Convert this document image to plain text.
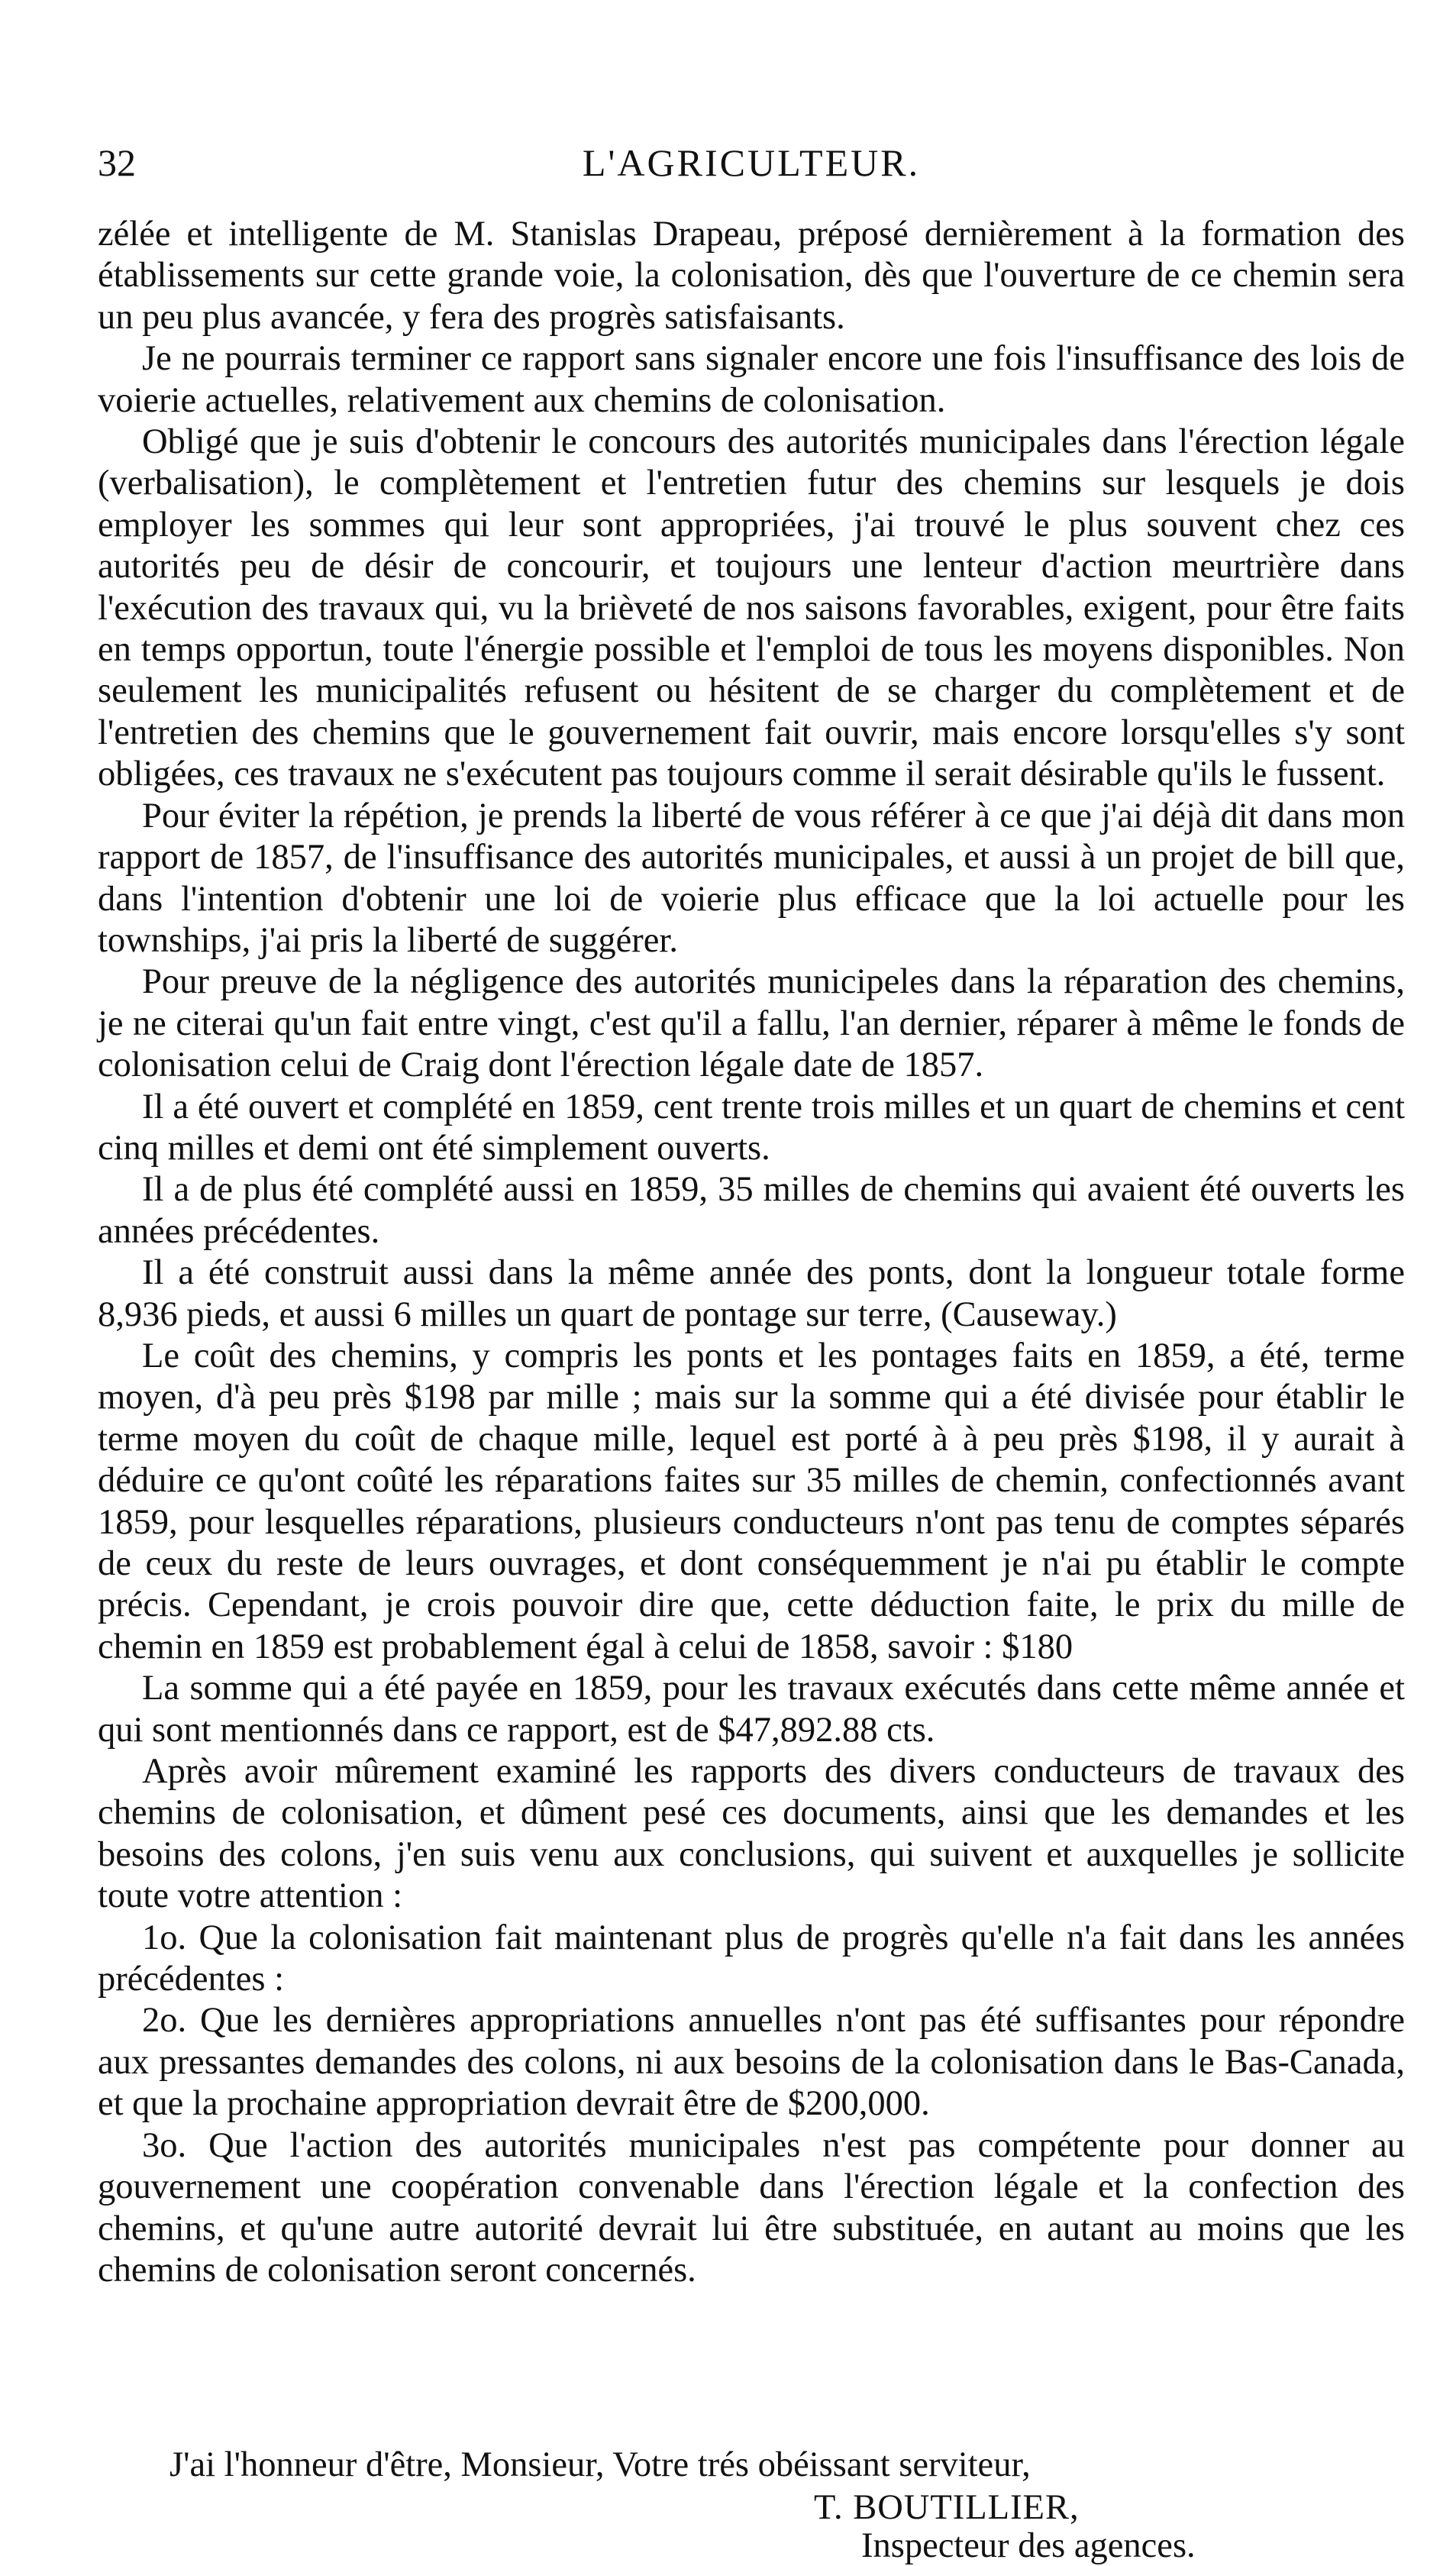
32	L'AGRICULTEUR.

zélée et intelligente de M. Stanislas Drapeau, préposé dernièrement à la formation des établissements sur cette grande voie, la colonisation, dès que l'ouverture de ce chemin sera un peu plus avancée, y fera des progrès satisfaisants.

Je ne pourrais terminer ce rapport sans signaler encore une fois l'insuffisance des lois de voierie actuelles, relativement aux chemins de colonisation.

Obligé que je suis d'obtenir le concours des autorités municipales dans l'érection légale (verbalisation), le complètement et l'entretien futur des chemins sur lesquels je dois employer les sommes qui leur sont appropriées, j'ai trouvé le plus souvent chez ces autorités peu de désir de concourir, et toujours une lenteur d'action meurtrière dans l'exécution des travaux qui, vu la brièveté de nos saisons favorables, exigent, pour être faits en temps opportun, toute l'énergie possible et l'emploi de tous les moyens disponibles. Non seulement les municipalités refusent ou hésitent de se charger du complètement et de l'entretien des chemins que le gouvernement fait ouvrir, mais encore lorsqu'elles s'y sont obligées, ces travaux ne s'exécutent pas toujours comme il serait désirable qu'ils le fussent.

Pour éviter la répétion, je prends la liberté de vous référer à ce que j'ai déjà dit dans mon rapport de 1857, de l'insuffisance des autorités municipales, et aussi à un projet de bill que, dans l'intention d'obtenir une loi de voierie plus efficace que la loi actuelle pour les townships, j'ai pris la liberté de suggérer.

Pour preuve de la négligence des autorités municipeles dans la réparation des chemins, je ne citerai qu'un fait entre vingt, c'est qu'il a fallu, l'an dernier, réparer à même le fonds de colonisation celui de Craig dont l'érection légale date de 1857.

Il a été ouvert et complété en 1859, cent trente trois milles et un quart de chemins et cent cinq milles et demi ont été simplement ouverts.

Il a de plus été complété aussi en 1859, 35 milles de chemins qui avaient été ouverts les années précédentes.

Il a été construit aussi dans la même année des ponts, dont la longueur totale forme 8,936 pieds, et aussi 6 milles un quart de pontage sur terre, (Causeway.)

Le coût des chemins, y compris les ponts et les pontages faits en 1859, a été, terme moyen, d'à peu près $198 par mille ; mais sur la somme qui a été divisée pour établir le terme moyen du coût de chaque mille, lequel est porté à à peu près $198, il y aurait à déduire ce qu'ont coûté les réparations faites sur 35 milles de chemin, confectionnés avant 1859, pour lesquelles réparations, plusieurs conducteurs n'ont pas tenu de comptes séparés de ceux du reste de leurs ouvrages, et dont conséquemment je n'ai pu établir le compte précis. Cependant, je crois pouvoir dire que, cette déduction faite, le prix du mille de chemin en 1859 est probablement égal à celui de 1858, savoir : $180

La somme qui a été payée en 1859, pour les travaux exécutés dans cette même année et qui sont mentionnés dans ce rapport, est de $47,892.88 cts.

Après avoir mûrement examiné les rapports des divers conducteurs de travaux des chemins de colonisation, et dûment pesé ces documents, ainsi que les demandes et les besoins des colons, j'en suis venu aux conclusions, qui suivent et auxquelles je sollicite toute votre attention :

1o. Que la colonisation fait maintenant plus de progrès qu'elle n'a fait dans les années précédentes :

2o. Que les dernières appropriations annuelles n'ont pas été suffisantes pour répondre aux pressantes demandes des colons, ni aux besoins de la colonisation dans le Bas-Canada, et que la prochaine appropriation devrait être de $200,000.

3o. Que l'action des autorités municipales n'est pas compétente pour donner au gouvernement une coopération convenable dans l'érection légale et la confection des chemins, et qu'une autre autorité devrait lui être substituée, en autant au moins que les chemins de colonisation seront concernés.

J'ai l'honneur d'être, Monsieur, Votre trés obéissant serviteur,
T. BOUTILLIER,
Inspecteur des agences.
